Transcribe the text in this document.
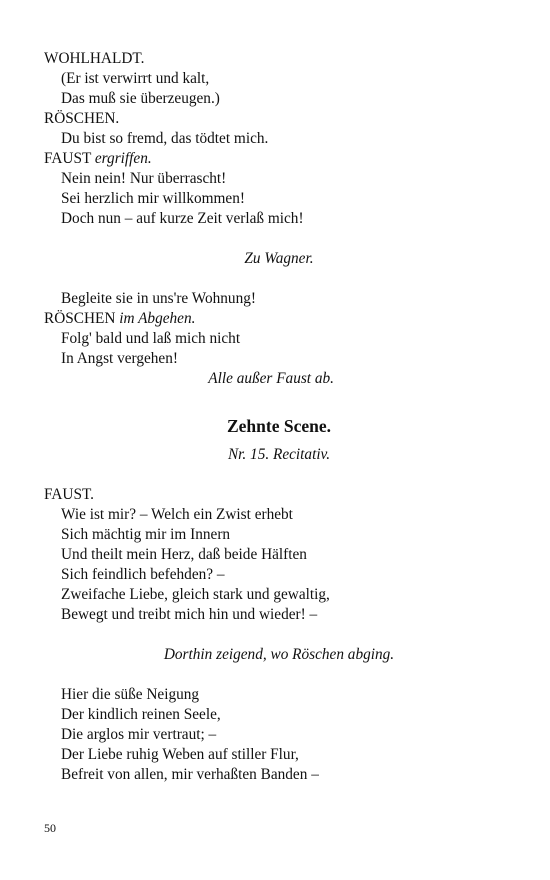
WOHLHALDT.
(Er ist verwirrt und kalt,
Das muß sie überzeugen.)
RÖSCHEN.
Du bist so fremd, das tödtet mich.
FAUST ergriffen.
Nein nein! Nur überrascht!
Sei herzlich mir willkommen!
Doch nun – auf kurze Zeit verlaß mich!
Zu Wagner.
Begleite sie in uns're Wohnung!
RÖSCHEN im Abgehen.
Folg' bald und laß mich nicht
In Angst vergehen!
Alle außer Faust ab.
Zehnte Scene.
Nr. 15. Recitativ.
FAUST.
Wie ist mir? – Welch ein Zwist erhebt
Sich mächtig mir im Innern
Und theilt mein Herz, daß beide Hälften
Sich feindlich befehden? –
Zweifache Liebe, gleich stark und gewaltig,
Bewegt und treibt mich hin und wieder! –
Dorthin zeigend, wo Röschen abging.
Hier die süße Neigung
Der kindlich reinen Seele,
Die arglos mir vertraut; –
Der Liebe ruhig Weben auf stiller Flur,
Befreit von allen, mir verhaßten Banden –
50
